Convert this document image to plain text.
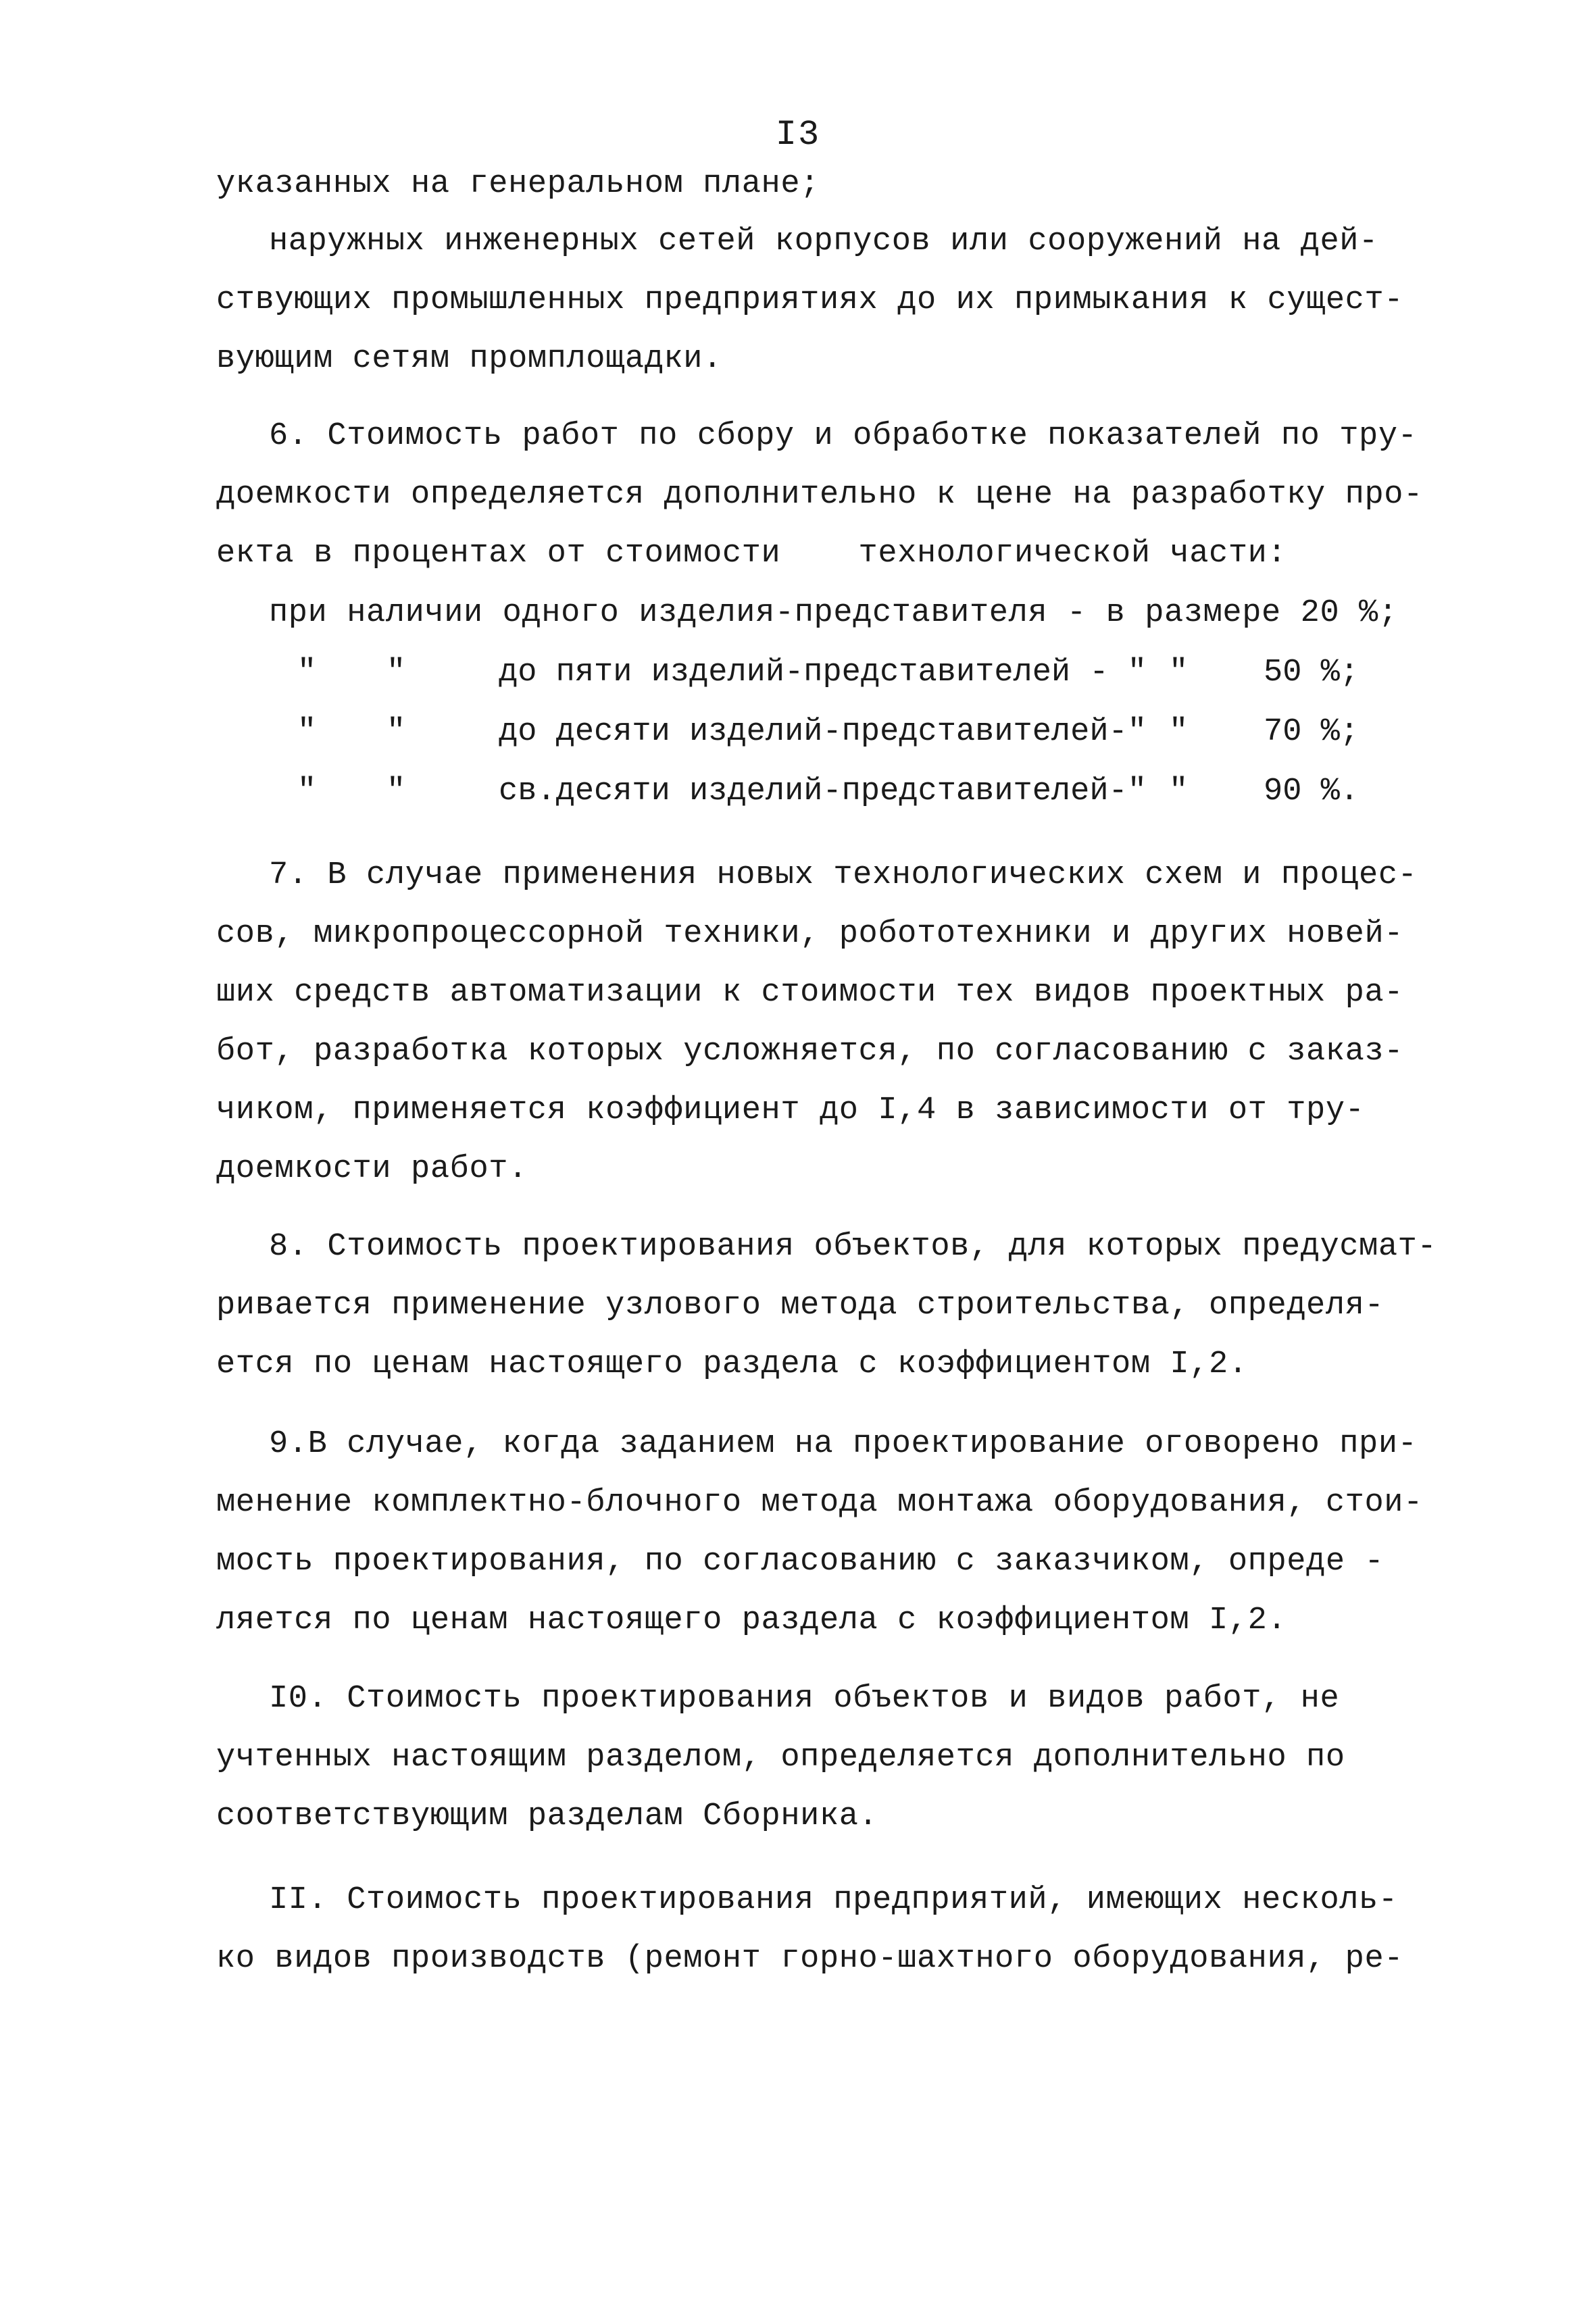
I3
указанных на генеральном плане;
наружных инженерных сетей корпусов или сооружений на дей-
ствующих промышленных предприятиях до их примыкания к сущест-
вующим сетям промплощадки.
6. Стоимость работ по сбору и обработке показателей по тру-
доемкости определяется дополнительно к цене на разработку про-
екта в процентах от стоимости    технологической части:
при наличии одного изделия-представителя - в размере 20 %;
" "	до пяти изделий-представителей - " " 50 %;
" "	до десяти изделий-представителей-" " 70 %;
" "	св.десяти изделий-представителей-" " 90 %.
7. В случае применения новых технологических схем и процес-
сов, микропроцессорной техники, робототехники и других новей-
ших средств автоматизации к стоимости тех видов проектных ра-
бот, разработка которых усложняется, по согласованию с заказ-
чиком, применяется коэффициент до I,4 в зависимости от тру-
доемкости работ.
8. Стоимость проектирования объектов, для которых предусмат-
ривается применение узлового метода строительства, определя-
ется по ценам настоящего раздела с коэффициентом I,2.
9.В случае, когда заданием на проектирование оговорено при-
менение комплектно-блочного метода монтажа оборудования, стои-
мость проектирования, по согласованию с заказчиком, опреде -
ляется по ценам настоящего раздела с коэффициентом I,2.
I0. Стоимость проектирования объектов и видов работ, не
учтенных настоящим разделом, определяется дополнительно по
соответствующим разделам Сборника.
II. Стоимость проектирования предприятий, имеющих несколь-
ко видов производств (ремонт горно-шахтного оборудования, ре-
